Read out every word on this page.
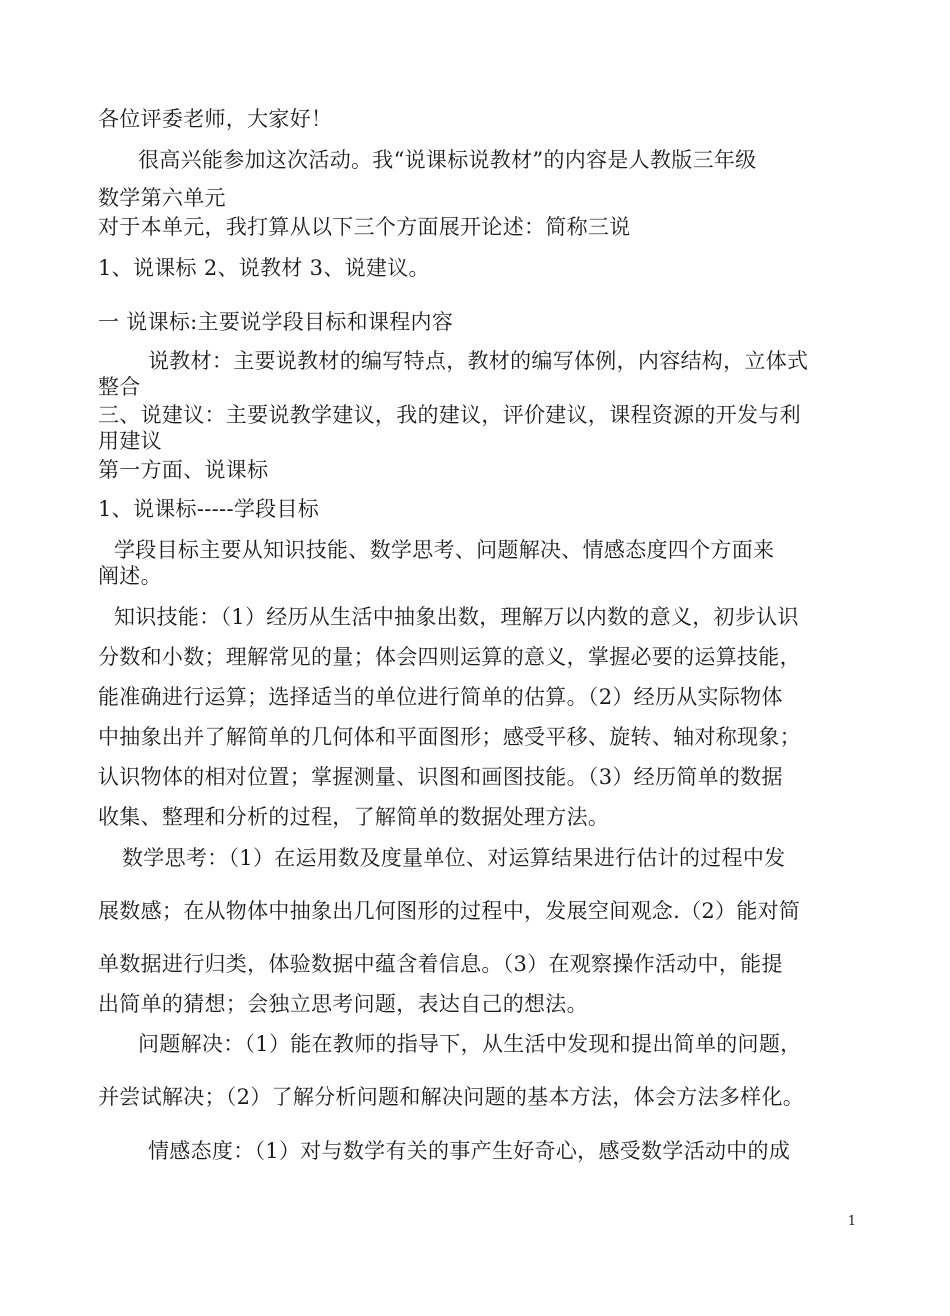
各位评委老师，大家好！
很高兴能参加这次活动。我“说课标说教材”的内容是人教版三年级
数学第六单元
对于本单元，我打算从以下三个方面展开论述：简称三说
1、说课标 2、说教材 3、说建议。
一 说课标:主要说学段目标和课程内容
说教材：主要说教材的编写特点，教材的编写体例，内容结构，立体式
整合
三、说建议：主要说教学建议，我的建议，评价建议，课程资源的开发与利
用建议
第一方面、说课标
1、说课标-----学段目标
学段目标主要从知识技能、数学思考、问题解决、情感态度四个方面来
阐述。
知识技能：（1）经历从生活中抽象出数，理解万以内数的意义，初步认识
分数和小数；理解常见的量；体会四则运算的意义，掌握必要的运算技能，
能准确进行运算；选择适当的单位进行简单的估算。（2）经历从实际物体
中抽象出并了解简单的几何体和平面图形；感受平移、旋转、轴对称现象；
认识物体的相对位置；掌握测量、识图和画图技能。（3）经历简单的数据
收集、整理和分析的过程，了解简单的数据处理方法。
数学思考：（1）在运用数及度量单位、对运算结果进行估计的过程中发
展数感；在从物体中抽象出几何图形的过程中，发展空间观念.（2）能对简
单数据进行归类，体验数据中蕴含着信息。（3）在观察操作活动中，能提
出简单的猜想；会独立思考问题，表达自己的想法。
问题解决：（1）能在教师的指导下，从生活中发现和提出简单的问题，
并尝试解决；（2）了解分析问题和解决问题的基本方法，体会方法多样化。
情感态度：（1）对与数学有关的事产生好奇心，感受数学活动中的成
1
